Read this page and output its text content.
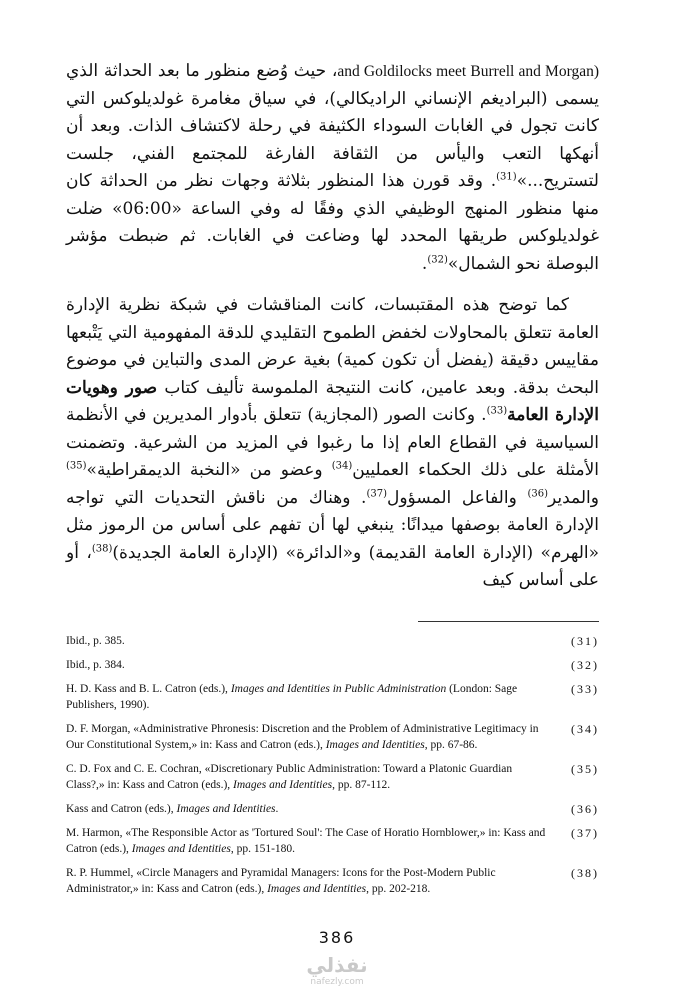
and Goldilocks meet Burrell and Morgan)، حيث وُضع منظور ما بعد الحداثة الذي يسمى (البراديغم الإنساني الراديكالي)، في سياق مغامرة غولديلوكس التي كانت تجول في الغابات السوداء الكثيفة في رحلة لاكتشاف الذات. وبعد أن أنهكها التعب واليأس من الثقافة الفارغة للمجتمع الفني، جلست لتستريح...»$^{(31)}$. وقد قورن هذا المنظور بثلاثة وجهات نظر من الحداثة كان منها منظور المنهج الوظيفي الذي وفقًا له وفي الساعة «06:00» ضلت غولديلوكس طريقها المحدد لها وضاعت في الغابات. ثم ضبطت مؤشر البوصلة نحو الشمال»$^{(32)}$.

كما توضح هذه المقتبسات، كانت المناقشات في شبكة نظرية الإدارة العامة تتعلق بالمحاولات لخفض الطموح التقليدي للدقة المفهومية التي يَتْبعها مقاييس دقيقة (يفضل أن تكون كمية) بغية عرض المدى والتباين في موضوع البحث بدقة. وبعد عامين، كانت النتيجة الملموسة تأليف كتاب صور وهويات الإدارة العامة$^{(33)}$. وكانت الصور (المجازية) تتعلق بأدوار المديرين في الأنظمة السياسية في القطاع العام إذا ما رغبوا في المزيد من الشرعية. وتضمنت الأمثلة على ذلك الحكماء العمليين$^{(34)}$ وعضو من «النخبة الديمقراطية»$^{(35)}$ والمدير$^{(36)}$ والفاعل المسؤول$^{(37)}$. وهناك من ناقش التحديات التي تواجه الإدارة العامة بوصفها ميدانًا: ينبغي لها أن تفهم على أساس من الرموز مثل «الهرم» (الإدارة العامة القديمة) و«الدائرة» (الإدارة العامة الجديدة)$^{(38)}$، أو على أساس كيف

(31)
Ibid., p. 385.
(32)
Ibid., p. 384.
(33)
H. D. Kass and B. L. Catron (eds.), Images and Identities in Public Administration (London: Sage Publishers, 1990).
(34)
D. F. Morgan, «Administrative Phronesis: Discretion and the Problem of Administrative Legitimacy in Our Constitutional System,» in: Kass and Catron (eds.), Images and Identities, pp. 67-86.
(35)
C. D. Fox and C. E. Cochran, «Discretionary Public Administration: Toward a Platonic Guardian Class?,» in: Kass and Catron (eds.), Images and Identities, pp. 87-112.
(36)
Kass and Catron (eds.), Images and Identities.
(37)
M. Harmon, «The Responsible Actor as 'Tortured Soul': The Case of Horatio Hornblower,» in: Kass and Catron (eds.), Images and Identities, pp. 151-180.
(38)
R. P. Hummel, «Circle Managers and Pyramidal Managers: Icons for the Post-Modern Public Administrator,» in: Kass and Catron (eds.), Images and Identities, pp. 202-218.
386
نفذلي
nafezly.com
